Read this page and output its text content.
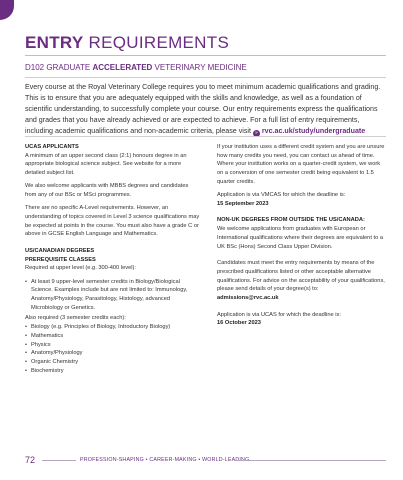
ENTRY REQUIREMENTS
D102 GRADUATE ACCELERATED VETERINARY MEDICINE
Every course at the Royal Veterinary College requires you to meet minimum academic qualifications and grading. This is to ensure that you are adequately equipped with the skills and knowledge, as well as a foundation of scientific understanding, to successfully complete your course. Our entry requirements express the qualifications and grades that you have already achieved or are expected to achieve. For a full list of entry requirements, including academic qualifications and non-academic criteria, please visit » rvc.ac.uk/study/undergraduate

UCAS APPLICANTS
A minimum of an upper second class (2:1) honours degree in an appropriate biological science subject. See website for a more detailed subject list.

We also welcome applicants with MBBS degrees and candidates from any of our BSc or MSci programmes.

There are no specific A-Level requirements. However, an understanding of topics covered in Level 3 science qualifications may be expected at points in the course. You must also have a grade C or above in GCSE English Language and Mathematics.

US/CANADIAN DEGREES
PREREQUISITE CLASSES
Required at upper level (e.g. 300-400 level):

• At least 9 upper-level semester credits in Biology/Biological Science. Examples include but are not limited to: Immunology, Anatomy/Physiology, Parasitology, Histology, advanced Microbiology or Genetics.
Also required (3 semester credits each):
• Biology (e.g. Principles of Biology, Introductory Biology)
• Mathematics
• Physics
• Anatomy/Physiology
• Organic Chemistry
• Biochemistry

If your institution uses a different credit system and you are unsure how many credits you need, you can contact us ahead of time. Where your institution works on a quarter-credit system, we work on a conversion of one semester credit being equivalent to 1.5 quarter credits.

Application is via VMCAS for which the deadline is:
15 September 2023

NON-UK DEGREES FROM OUTSIDE THE US/CANADA:
We welcome applications from graduates with European or International qualifications where their degrees are equivalent to a UK BSc (Hons) Second Class Upper Division.

Candidates must meet the entry requirements by means of the prescribed qualifications listed or other acceptable alternative qualifications. For advice on the acceptability of your qualifications, please send details of your degree(s) to:
admissions@rvc.ac.uk

Application is via UCAS for which the deadline is:
16 October 2023

72	PROFESSION-SHAPING • CAREER-MAKING • WORLD-LEADING
